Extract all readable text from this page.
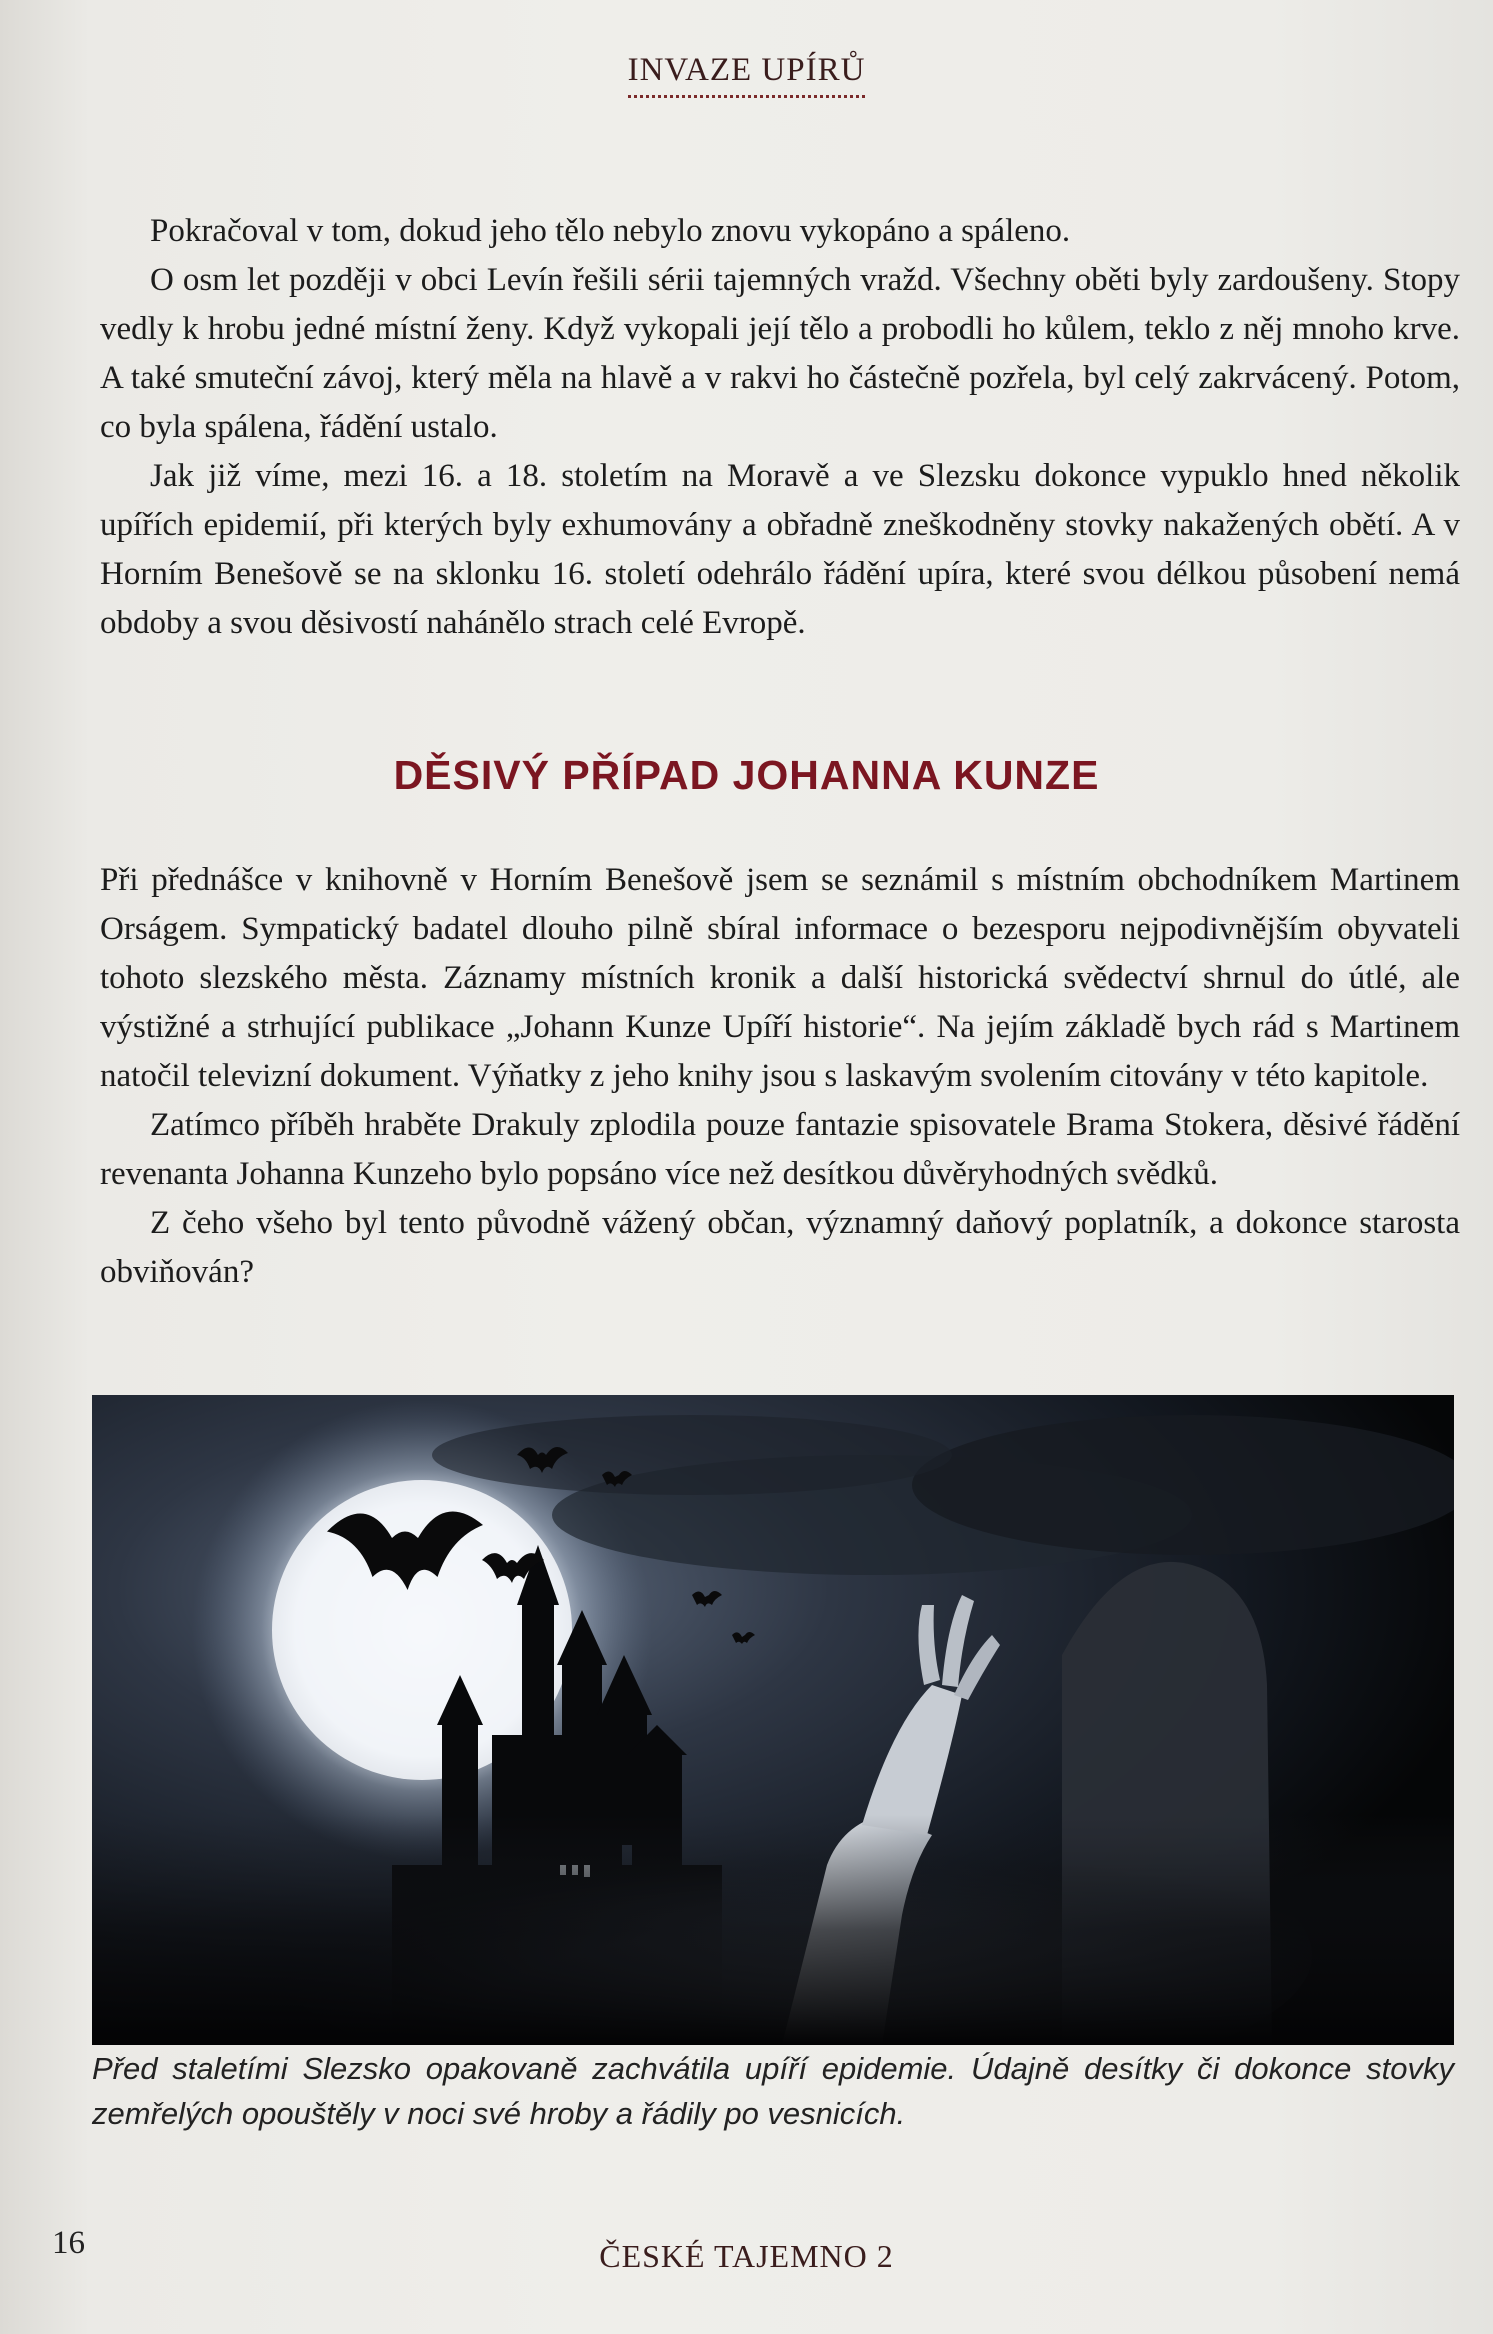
INVAZE UPÍRŮ

Pokračoval v tom, dokud jeho tělo nebylo znovu vykopáno a spáleno.

O osm let později v obci Levín řešili sérii tajemných vražd. Všechny oběti byly zardoušeny. Stopy vedly k hrobu jedné místní ženy. Když vykopali její tělo a probodli ho kůlem, teklo z něj mnoho krve. A také smuteční závoj, který měla na hlavě a v rakvi ho částečně pozřela, byl celý zakrvácený. Potom, co byla spálena, řádění ustalo.

Jak již víme, mezi 16. a 18. stoletím na Moravě a ve Slezsku dokonce vypuklo hned několik upířích epidemií, při kterých byly exhumovány a obřadně zneškodněny stovky nakažených obětí. A v Horním Benešově se na sklonku 16. století odehrálo řádění upíra, které svou délkou působení nemá obdoby a svou děsivostí nahánělo strach celé Evropě.

DĚSIVÝ PŘÍPAD JOHANNA KUNZE

Při přednášce v knihovně v Horním Benešově jsem se seznámil s místním obchodníkem Martinem Orságem. Sympatický badatel dlouho pilně sbíral informace o bezesporu nejpodivnějším obyvateli tohoto slezského města. Záznamy místních kronik a další historická svědectví shrnul do útlé, ale výstižné a strhující publikace „Johann Kunze Upíří historie“. Na jejím základě bych rád s Martinem natočil televizní dokument. Výňatky z jeho knihy jsou s laskavým svolením citovány v této kapitole.

Zatímco příběh hraběte Drakuly zplodila pouze fantazie spisovatele Brama Stokera, děsivé řádění revenanta Johanna Kunzeho bylo popsáno více než desítkou důvěryhodných svědků.

Z čeho všeho byl tento původně vážený občan, významný daňový poplatník, a dokonce starosta obviňován?

Před staletími Slezsko opakovaně zachvátila upíří epidemie. Údajně desítky či dokonce stovky zemřelých opouštěly v noci své hroby a řádily po vesnicích.
16	ČESKÉ TAJEMNO 2
